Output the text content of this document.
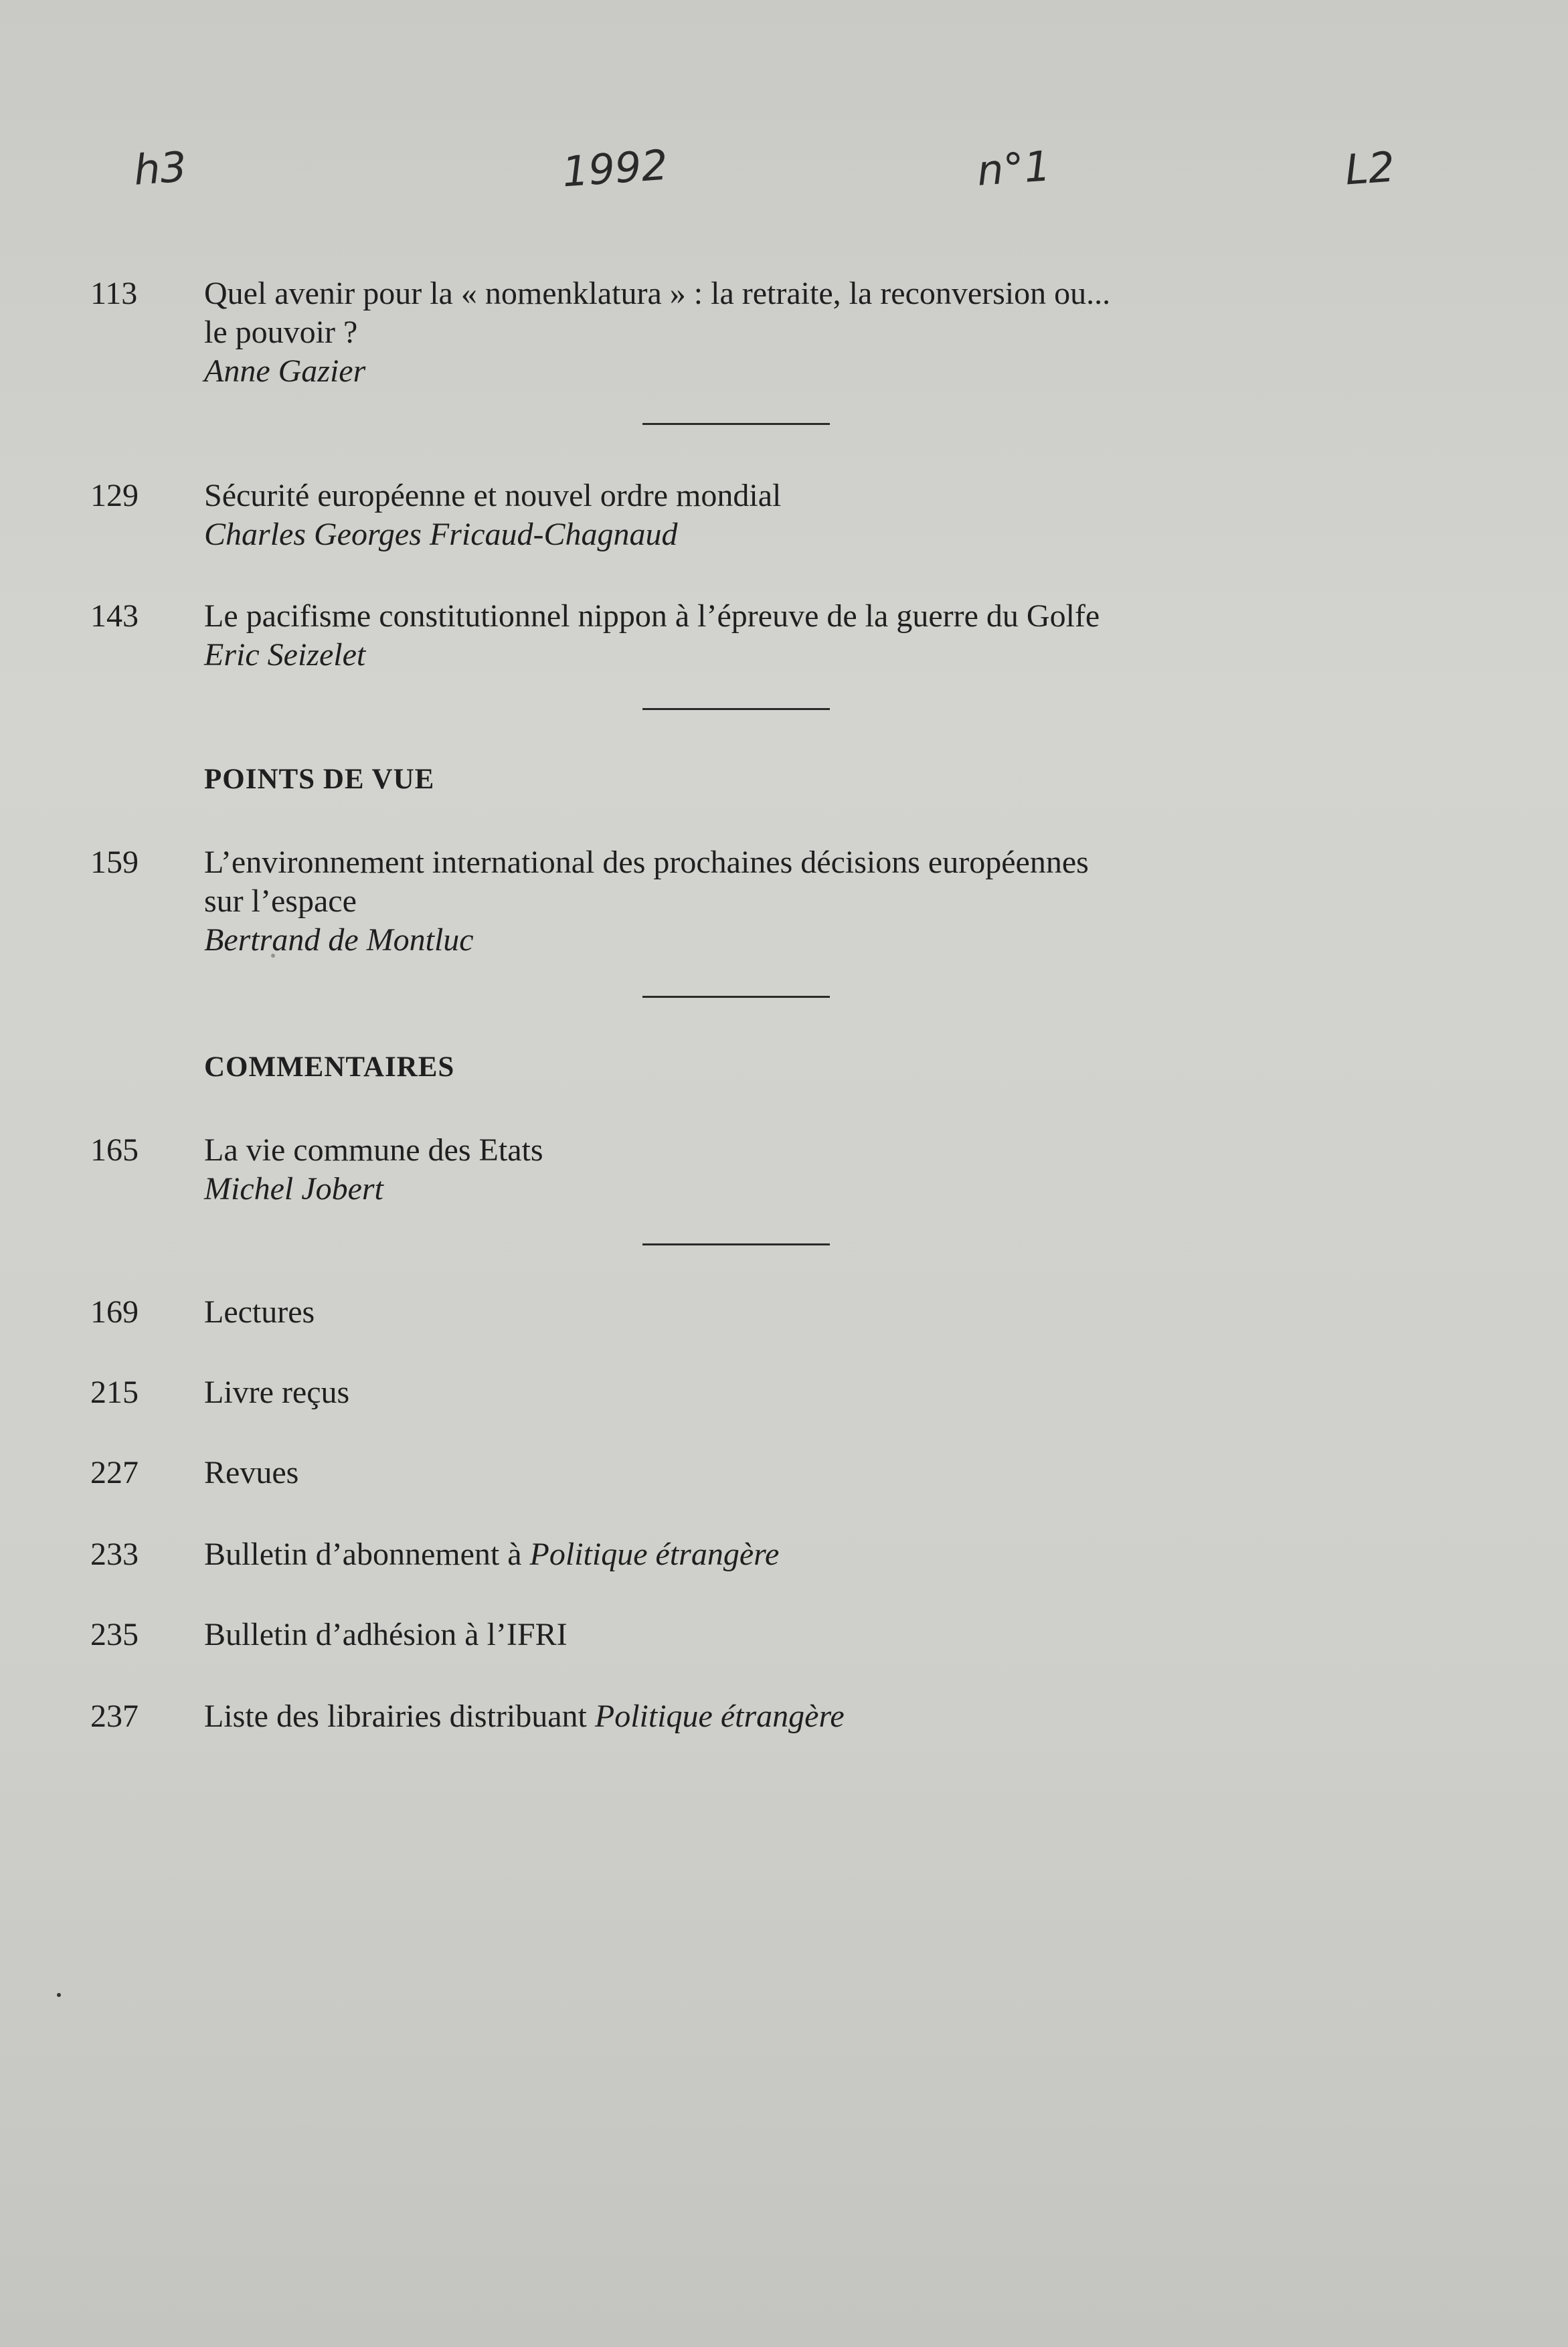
h3	1992	n°1	L2
113	Quel avenir pour la « nomenklatura » : la retraite, la reconversion ou...
le pouvoir ?
Anne Gazier
129	Sécurité européenne et nouvel ordre mondial
Charles Georges Fricaud-Chagnaud
143	Le pacifisme constitutionnel nippon à l’épreuve de la guerre du Golfe
Eric Seizelet
POINTS DE VUE
159	L’environnement international des prochaines décisions européennes
sur l’espace
Bertrand de Montluc
COMMENTAIRES
165	La vie commune des Etats
Michel Jobert
169	Lectures
215	Livre reçus
227	Revues
233	Bulletin d’abonnement à Politique étrangère
235	Bulletin d’adhésion à l’IFRI
237	Liste des librairies distribuant Politique étrangère
